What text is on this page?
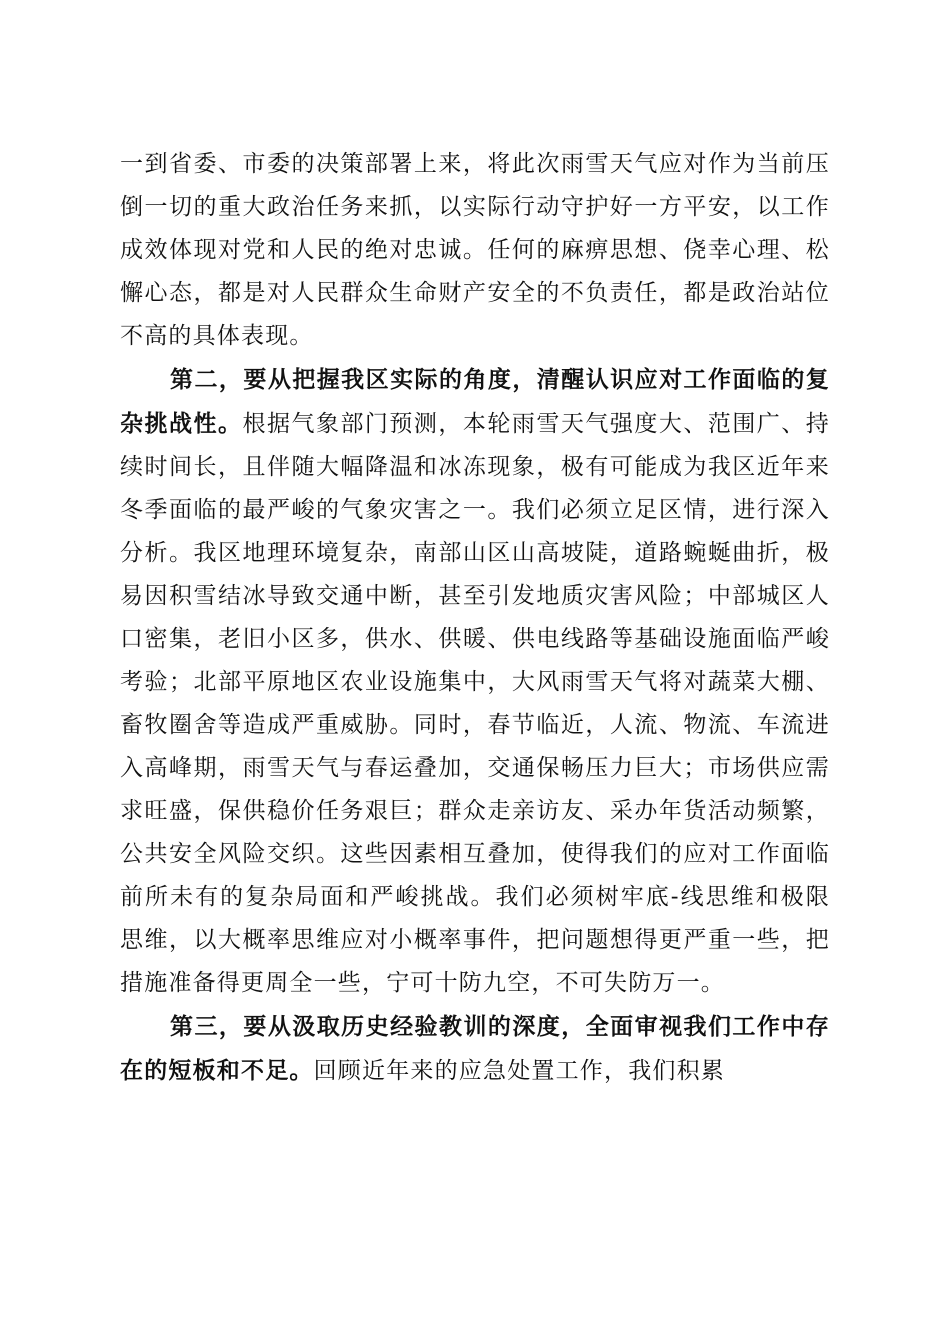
一到省委、市委的决策部署上来，将此次雨雪天气应对作为当前压倒一切的重大政治任务来抓，以实际行动守护好一方平安，以工作成效体现对党和人民的绝对忠诚。任何的麻痹思想、侥幸心理、松懈心态，都是对人民群众生命财产安全的不负责任，都是政治站位不高的具体表现。

第二，要从把握我区实际的角度，清醒认识应对工作面临的复杂挑战性。根据气象部门预测，本轮雨雪天气强度大、范围广、持续时间长，且伴随大幅降温和冰冻现象，极有可能成为我区近年来冬季面临的最严峻的气象灾害之一。我们必须立足区情，进行深入分析。我区地理环境复杂，南部山区山高坡陡，道路蜿蜒曲折，极易因积雪结冰导致交通中断，甚至引发地质灾害风险；中部城区人口密集，老旧小区多，供水、供暖、供电线路等基础设施面临严峻考验；北部平原地区农业设施集中，大风雨雪天气将对蔬菜大棚、畜牧圈舍等造成严重威胁。同时，春节临近，人流、物流、车流进入高峰期，雨雪天气与春运叠加，交通保畅压力巨大；市场供应需求旺盛，保供稳价任务艰巨；群众走亲访友、采办年货活动频繁，公共安全风险交织。这些因素相互叠加，使得我们的应对工作面临前所未有的复杂局面和严峻挑战。我们必须树牢底-线思维和极限思维，以大概率思维应对小概率事件，把问题想得更严重一些，把措施准备得更周全一些，宁可十防九空，不可失防万一。

第三，要从汲取历史经验教训的深度，全面审视我们工作中存在的短板和不足。回顾近年来的应急处置工作，我们积累
